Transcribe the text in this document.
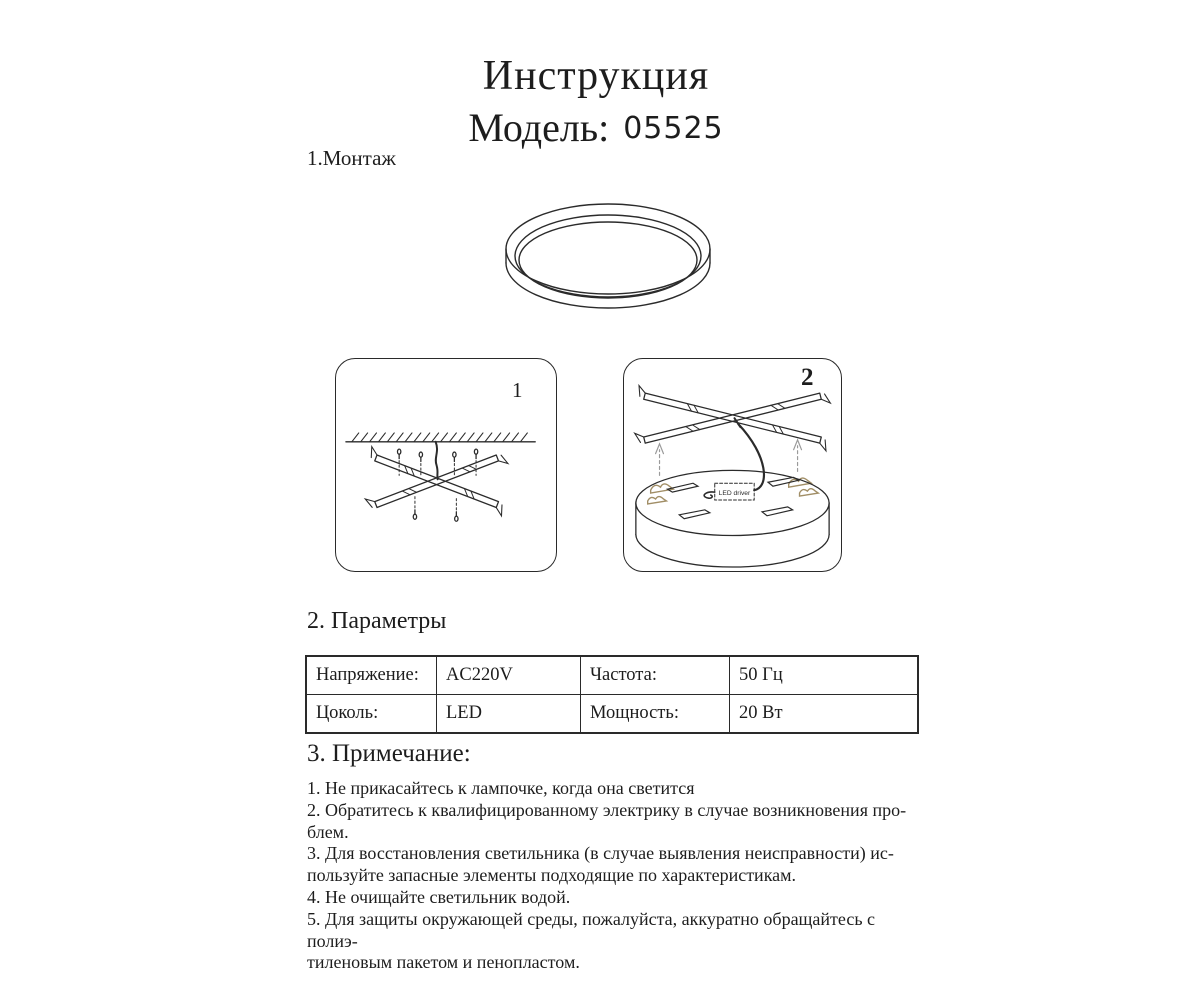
Инструкция
Модель: 05525
1.Монтаж
1
LED driver
2
2. Параметры
Напряжение:	AC220V	Частота:	50 Гц
Цоколь:	LED	Мощность:	20 Вт
3. Примечание:
1. Не прикасайтесь к лампочке, когда она светится
2. Обратитесь к квалифицированному электрику в случае возникновения про-
блем.
3. Для восстановления светильника (в случае выявления неисправности) ис-
пользуйте запасные элементы подходящие по характеристикам.
4. Не очищайте светильник водой.
5. Для защиты окружающей среды, пожалуйста, аккуратно обращайтесь с полиэ-
тиленовым пакетом и пенопластом.
